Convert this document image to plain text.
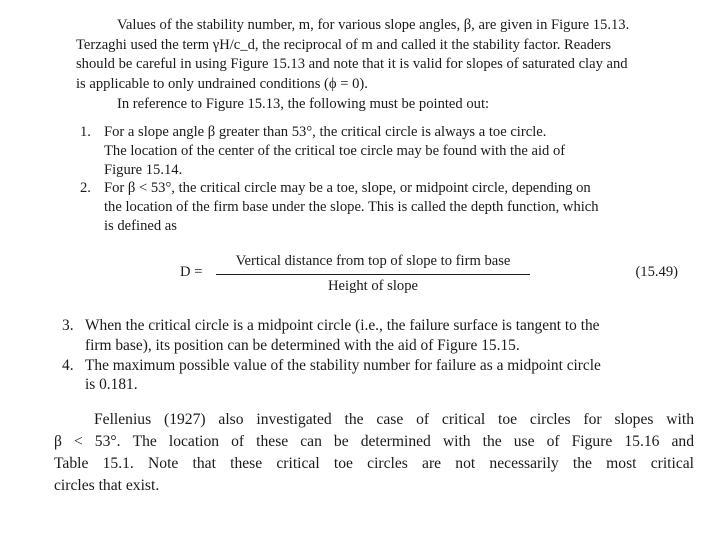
Values of the stability number, m, for various slope angles, β, are given in Figure 15.13.
Terzaghi used the term γH/c_d, the reciprocal of m and called it the stability factor. Readers
should be careful in using Figure 15.13 and note that it is valid for slopes of saturated clay and
is applicable to only undrained conditions (ϕ = 0).

In reference to Figure 15.13, the following must be pointed out:

1. For a slope angle β greater than 53°, the critical circle is always a toe circle.
The location of the center of the critical toe circle may be found with the aid of
Figure 15.14.
2. For β < 53°, the critical circle may be a toe, slope, or midpoint circle, depending on
the location of the firm base under the slope. This is called the depth function, which
is defined as
D =
Vertical distance from top of slope to firm base
Height of slope
(15.49)
3. When the critical circle is a midpoint circle (i.e., the failure surface is tangent to the
firm base), its position can be determined with the aid of Figure 15.15.
4. The maximum possible value of the stability number for failure as a midpoint circle
is 0.181.
Fellenius (1927) also investigated the case of critical toe circles for slopes with
β < 53°. The location of these can be determined with the use of Figure 15.16 and
Table 15.1. Note that these critical toe circles are not necessarily the most critical
circles that exist.
